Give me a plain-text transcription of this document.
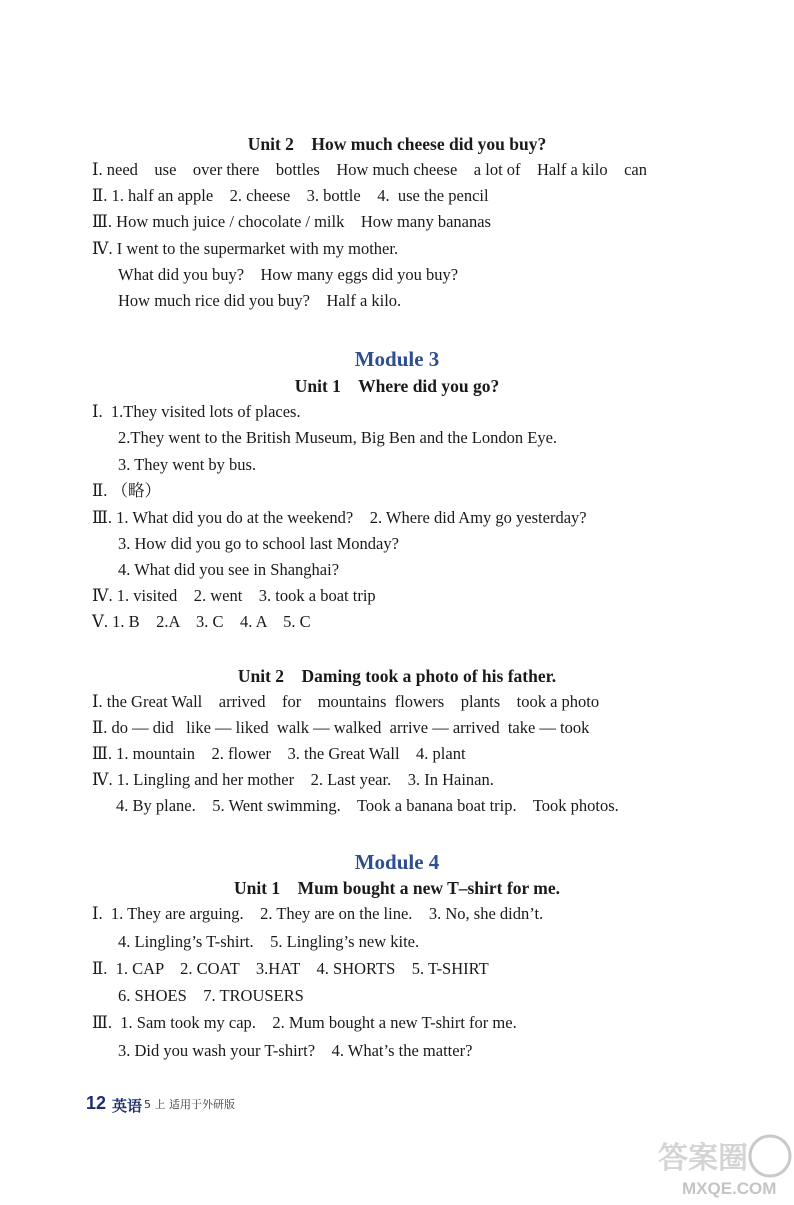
Unit 2    How much cheese did you buy?
Ⅰ. need    use    over there    bottles    How much cheese    a lot of    Half a kilo    can
Ⅱ. 1. half an apple    2. cheese    3. bottle    4.  use the pencil
Ⅲ. How much juice / chocolate / milk    How many bananas
Ⅳ. I went to the supermarket with my mother.
What did you buy?    How many eggs did you buy?
How much rice did you buy?    Half a kilo.
Module 3
Unit 1    Where did you go?
Ⅰ.  1.They visited lots of places.
2.They went to the British Museum, Big Ben and the London Eye.
3. They went by bus.
Ⅱ. （略）
Ⅲ. 1. What did you do at the weekend?    2. Where did Amy go yesterday?
3. How did you go to school last Monday?
4. What did you see in Shanghai?
Ⅳ. 1. visited    2. went    3. took a boat trip
Ⅴ. 1. B    2.A    3. C    4. A    5. C
Unit 2    Daming took a photo of his father.
Ⅰ. the Great Wall    arrived    for    mountains  flowers    plants    took a photo
Ⅱ. do — did   like — liked  walk — walked  arrive — arrived  take — took
Ⅲ. 1. mountain    2. flower    3. the Great Wall    4. plant
Ⅳ. 1. Lingling and her mother    2. Last year.    3. In Hainan.
4. By plane.    5. Went swimming.    Took a banana boat trip.    Took photos.
Module 4
Unit 1    Mum bought a new T–shirt for me.
Ⅰ.  1. They are arguing.    2. They are on the line.    3. No, she didn’t.
4. Lingling’s T-shirt.    5. Lingling’s new kite.
Ⅱ.  1. CAP    2. COAT    3.HAT    4. SHORTS    5. T-SHIRT
6. SHOES    7. TROUSERS
Ⅲ.  1. Sam took my cap.    2. Mum bought a new T-shirt for me.
3. Did you wash your T-shirt?    4. What’s the matter?
12 英语 5 上 适用于外研版
答案圈
MXQE.COM
